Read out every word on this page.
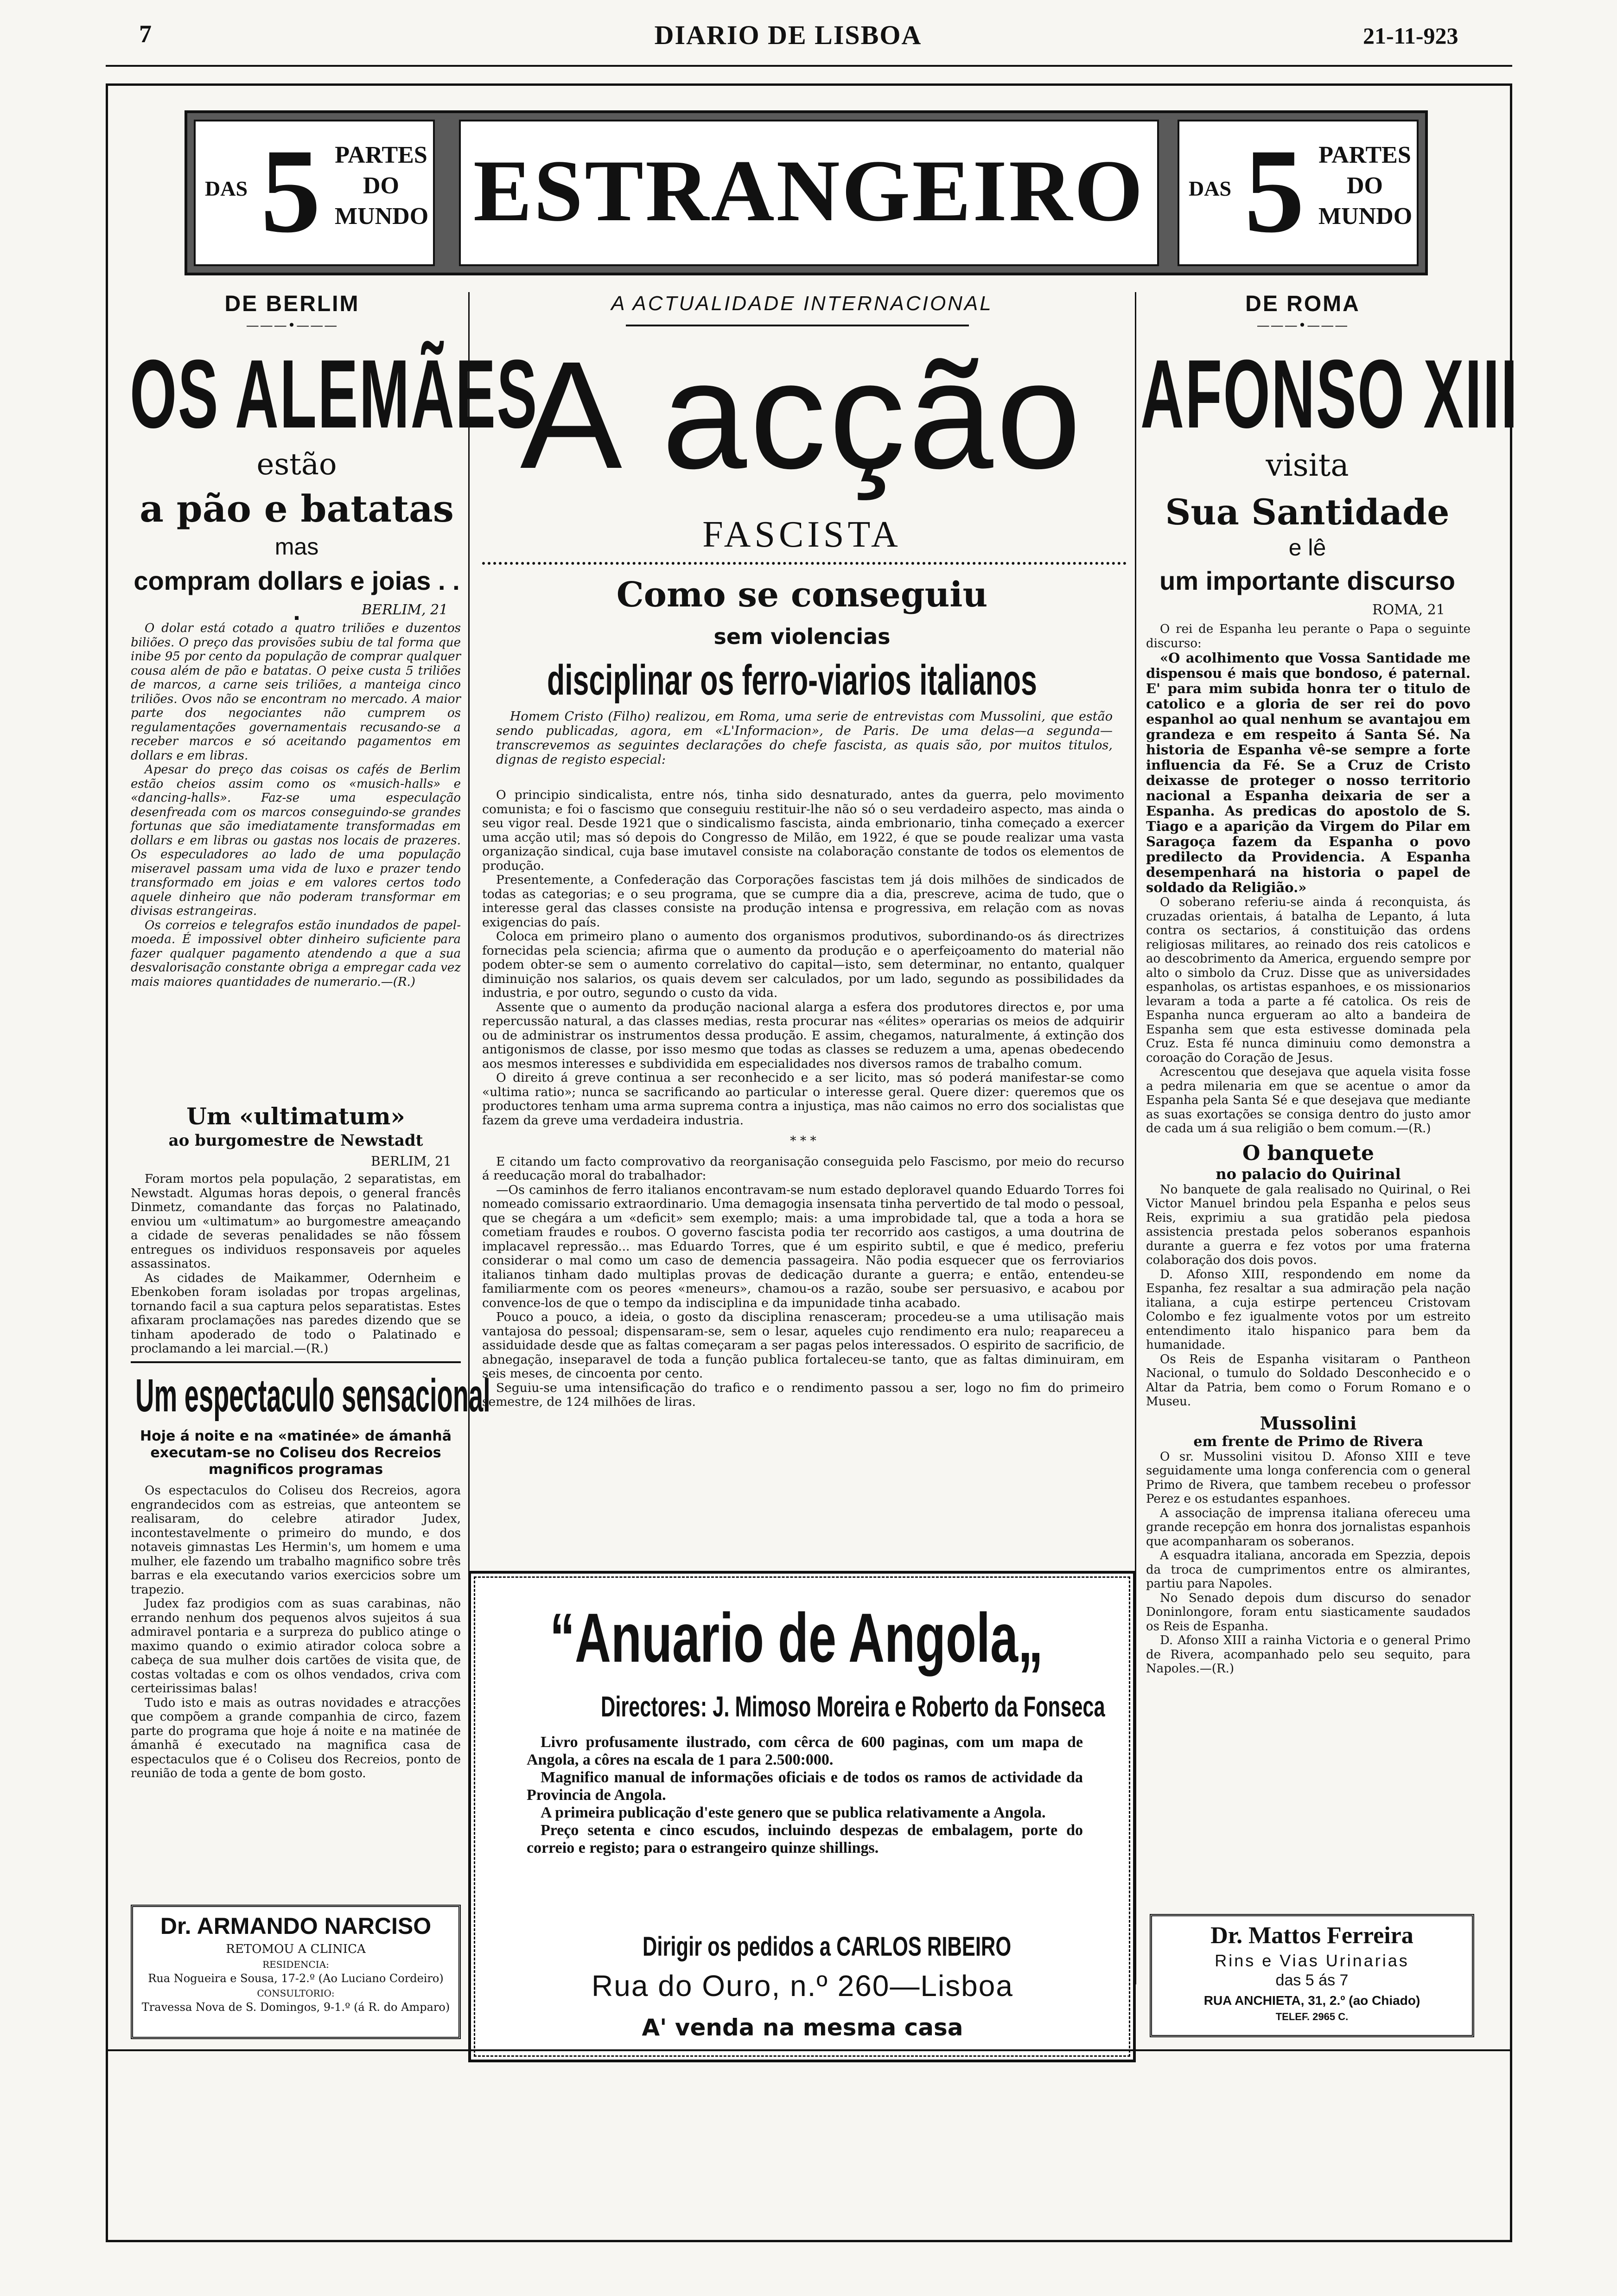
7	DIARIO DE LISBOA	21-11-923
DAS 5 PARTES
DO
MUNDO ESTRANGEIRO	DAS 5 PARTES
DO
MUNDO
DE BERLIM
———•———
OS ALEMÃES
estão
a pão e batatas
mas
compram dollars e joias . . .	BERLIM, 21

O dolar está cotado a quatro triliões e duzentos biliões. O preço das provisões subiu de tal forma que inibe 95 por cento da população de comprar qualquer cousa além de pão e batatas. O peixe custa 5 triliões de marcos, a carne seis triliões, a manteiga cinco triliões. Ovos não se encontram no mercado. A maior parte dos negociantes não cumprem os regulamentações governamentais recusando-se a receber marcos e só aceitando pagamentos em dollars e em libras.

Apesar do preço das coisas os cafés de Berlim estão cheios assim como os «musich-halls» e «dancing-halls». Faz-se uma especulação desenfreada com os marcos conseguindo-se grandes fortunas que são imediatamente transformadas em dollars e em libras ou gastas nos locais de prazeres. Os especuladores ao lado de uma população miseravel passam uma vida de luxo e prazer tendo transformado em joias e em valores certos todo aquele dinheiro que não poderam transformar em divisas estrangeiras.

Os correios e telegrafos estão inundados de papel-moeda. É impossivel obter dinheiro suficiente para fazer qualquer pagamento atendendo a que a sua desvalorisação constante obriga a empregar cada vez mais maiores quantidades de numerario.—(R.)

Um «ultimatum»
ao burgomestre de Newstadt
BERLIM, 21

Foram mortos pela população, 2 separatistas, em Newstadt. Algumas horas depois, o general francês Dinmetz, comandante das forças no Palatinado, enviou um «ultimatum» ao burgomestre ameaçando a cidade de severas penalidades se não fôssem entregues os individuos responsaveis por aqueles assassinatos.

As cidades de Maikammer, Odernheim e Ebenkoben foram isoladas por tropas argelinas, tornando facil a sua captura pelos separatistas. Estes afixaram proclamações nas paredes dizendo que se tinham apoderado de todo o Palatinado e proclamando a lei marcial.—(R.)

Um espectaculo sensacional
Hoje á noite e na «matinée» de ámanhã executam-se no Coliseu dos Recreios magnificos programas

Os espectaculos do Coliseu dos Recreios, agora engrandecidos com as estreias, que anteontem se realisaram, do celebre atirador Judex, incontestavelmente o primeiro do mundo, e dos notaveis gimnastas Les Hermin's, um homem e uma mulher, ele fazendo um trabalho magnifico sobre três barras e ela executando varios exercicios sobre um trapezio.

Judex faz prodigios com as suas carabinas, não errando nenhum dos pequenos alvos sujeitos á sua admiravel pontaria e a surpreza do publico atinge o maximo quando o eximio atirador coloca sobre a cabeça de sua mulher dois cartões de visita que, de costas voltadas e com os olhos vendados, criva com certeirissimas balas!

Tudo isto e mais as outras novidades e atracções que compõem a grande companhia de circo, fazem parte do programa que hoje á noite e na matinée de ámanhã é executado na magnifica casa de espectaculos que é o Coliseu dos Recreios, ponto de reunião de toda a gente de bom gosto.

Dr. ARMANDO NARCISO
RETOMOU A CLINICA
RESIDENCIA:
Rua Nogueira e Sousa, 17-2.º (Ao Luciano Cordeiro)
CONSULTORIO:
Travessa Nova de S. Domingos, 9-1.º (á R. do Amparo)
A ACTUALIDADE INTERNACIONAL
A acção
FASCISTA
Como se conseguiu
sem violencias
disciplinar os ferro-viarios italianos

Homem Cristo (Filho) realizou, em Roma, uma serie de entrevistas com Mussolini, que estão sendo publicadas, agora, em «L'Informacion», de Paris. De uma delas—a segunda—transcrevemos as seguintes declarações do chefe fascista, as quais são, por muitos titulos, dignas de registo especial:

O principio sindicalista, entre nós, tinha sido desnaturado, antes da guerra, pelo movimento comunista; e foi o fascismo que conseguiu restituir-lhe não só o seu verdadeiro aspecto, mas ainda o seu vigor real. Desde 1921 que o sindicalismo fascista, ainda embrionario, tinha começado a exercer uma acção util; mas só depois do Congresso de Milão, em 1922, é que se poude realizar uma vasta organização sindical, cuja base imutavel consiste na colaboração constante de todos os elementos de produção.

Presentemente, a Confederação das Corporações fascistas tem já dois milhões de sindicados de todas as categorias; e o seu programa, que se cumpre dia a dia, prescreve, acima de tudo, que o interesse geral das classes consiste na produção intensa e progressiva, em relação com as novas exigencias do país.

Coloca em primeiro plano o aumento dos organismos produtivos, subordinando-os ás directrizes fornecidas pela sciencia; afirma que o aumento da produção e o aperfeiçoamento do material não podem obter-se sem o aumento correlativo do capital—isto, sem determinar, no entanto, qualquer diminuição nos salarios, os quais devem ser calculados, por um lado, segundo as possibilidades da industria, e por outro, segundo o custo da vida.

Assente que o aumento da produção nacional alarga a esfera dos produtores directos e, por uma repercussão natural, a das classes medias, resta procurar nas «élites» operarias os meios de adquirir ou de administrar os instrumentos dessa produção. E assim, chegamos, naturalmente, á extinção dos antigonismos de classe, por isso mesmo que todas as classes se reduzem a uma, apenas obedecendo aos mesmos interesses e subdividida em especialidades nos diversos ramos de trabalho comum.

O direito á greve continua a ser reconhecido e a ser licito, mas só poderá manifestar-se como «ultima ratio»; nunca se sacrificando ao particular o interesse geral. Quere dizer: queremos que os productores tenham uma arma suprema contra a injustiça, mas não caimos no erro dos socialistas que fazem da greve uma verdadeira industria.

* * *

E citando um facto comprovativo da reorganisação conseguida pelo Fascismo, por meio do recurso á reeducação moral do trabalhador:

—Os caminhos de ferro italianos encontravam-se num estado deploravel quando Eduardo Torres foi nomeado comissario extraordinario. Uma demagogia insensata tinha pervertido de tal modo o pessoal, que se chegára a um «deficit» sem exemplo; mais: a uma improbidade tal, que a toda a hora se cometiam fraudes e roubos. O governo fascista podia ter recorrido aos castigos, a uma doutrina de implacavel repressão... mas Eduardo Torres, que é um espirito subtil, e que é medico, preferiu considerar o mal como um caso de demencia passageira. Não podia esquecer que os ferroviarios italianos tinham dado multiplas provas de dedicação durante a guerra; e então, entendeu-se familiarmente com os peores «meneurs», chamou-os a razão, soube ser persuasivo, e acabou por convence-los de que o tempo da indisciplina e da impunidade tinha acabado.

Pouco a pouco, a ideia, o gosto da disciplina renasceram; procedeu-se a uma utilisação mais vantajosa do pessoal; dispensaram-se, sem o lesar, aqueles cujo rendimento era nulo; reapareceu a assiduidade desde que as faltas começaram a ser pagas pelos interessados. O espirito de sacrificio, de abnegação, inseparavel de toda a função publica fortaleceu-se tanto, que as faltas diminuiram, em seis meses, de cincoenta por cento.

Seguiu-se uma intensificação do trafico e o rendimento passou a ser, logo no fim do primeiro semestre, de 124 milhões de liras.

“Anuario de Angola„
Directores: J. Mimoso Moreira e Roberto da Fonseca

Livro profusamente ilustrado, com cêrca de 600 paginas, com um mapa de Angola, a côres na escala de 1 para 2.500:000.

Magnifico manual de informações oficiais e de todos os ramos de actividade da Provincia de Angola.

A primeira publicação d'este genero que se publica relativamente a Angola.

Preço setenta e cinco escudos, incluindo despezas de embalagem, porte do correio e registo; para o estrangeiro quinze shillings.

Dirigir os pedidos a CARLOS RIBEIRO
Rua do Ouro, n.º 260—Lisboa
A' venda na mesma casa
DE ROMA
———•———
AFONSO XIII
visita
Sua Santidade
e lê
um importante discurso
ROMA, 21

O rei de Espanha leu perante o Papa o seguinte discurso:

«O acolhimento que Vossa Santidade me dispensou é mais que bondoso, é paternal. E' para mim subida honra ter o titulo de catolico e a gloria de ser rei do povo espanhol ao qual nenhum se avantajou em grandeza e em respeito á Santa Sé. Na historia de Espanha vê-se sempre a forte influencia da Fé. Se a Cruz de Cristo deixasse de proteger o nosso territorio nacional a Espanha deixaria de ser a Espanha. As predicas do apostolo de S. Tiago e a aparição da Virgem do Pilar em Saragoça fazem da Espanha o povo predilecto da Providencia. A Espanha desempenhará na historia o papel de soldado da Religião.»

O soberano referiu-se ainda á reconquista, ás cruzadas orientais, á batalha de Lepanto, á luta contra os sectarios, á constituição das ordens religiosas militares, ao reinado dos reis catolicos e ao descobrimento da America, erguendo sempre por alto o simbolo da Cruz. Disse que as universidades espanholas, os artistas espanhoes, e os missionarios levaram a toda a parte a fé catolica. Os reis de Espanha nunca ergueram ao alto a bandeira de Espanha sem que esta estivesse dominada pela Cruz. Esta fé nunca diminuiu como demonstra a coroação do Coração de Jesus.

Acrescentou que desejava que aquela visita fosse a pedra milenaria em que se acentue o amor da Espanha pela Santa Sé e que desejava que mediante as suas exortações se consiga dentro do justo amor de cada um á sua religião o bem comum.—(R.)

O banquete
no palacio do Quirinal

No banquete de gala realisado no Quirinal, o Rei Victor Manuel brindou pela Espanha e pelos seus Reis, exprimiu a sua gratidão pela piedosa assistencia prestada pelos soberanos espanhois durante a guerra e fez votos por uma fraterna colaboração dos dois povos.

D. Afonso XIII, respondendo em nome da Espanha, fez resaltar a sua admiração pela nação italiana, a cuja estirpe pertenceu Cristovam Colombo e fez igualmente votos por um estreito entendimento italo hispanico para bem da humanidade.

Os Reis de Espanha visitaram o Pantheon Nacional, o tumulo do Soldado Desconhecido e o Altar da Patria, bem como o Forum Romano e o Museu.

Mussolini
em frente de Primo de Rivera

O sr. Mussolini visitou D. Afonso XIII e teve seguidamente uma longa conferencia com o general Primo de Rivera, que tambem recebeu o professor Perez e os estudantes espanhoes.

A associação de imprensa italiana ofereceu uma grande recepção em honra dos jornalistas espanhois que acompanharam os soberanos.

A esquadra italiana, ancorada em Spezzia, depois da troca de cumprimentos entre os almirantes, partiu para Napoles.

No Senado depois dum discurso do senador Doninlongore, foram entu siasticamente saudados os Reis de Espanha.

D. Afonso XIII a rainha Victoria e o general Primo de Rivera, acompanhado pelo seu sequito, para Napoles.—(R.)

Dr. Mattos Ferreira
Rins e Vias Urinarias
das 5 ás 7
RUA ANCHIETA, 31, 2.º (ao Chiado)
TELEF. 2965 C.
